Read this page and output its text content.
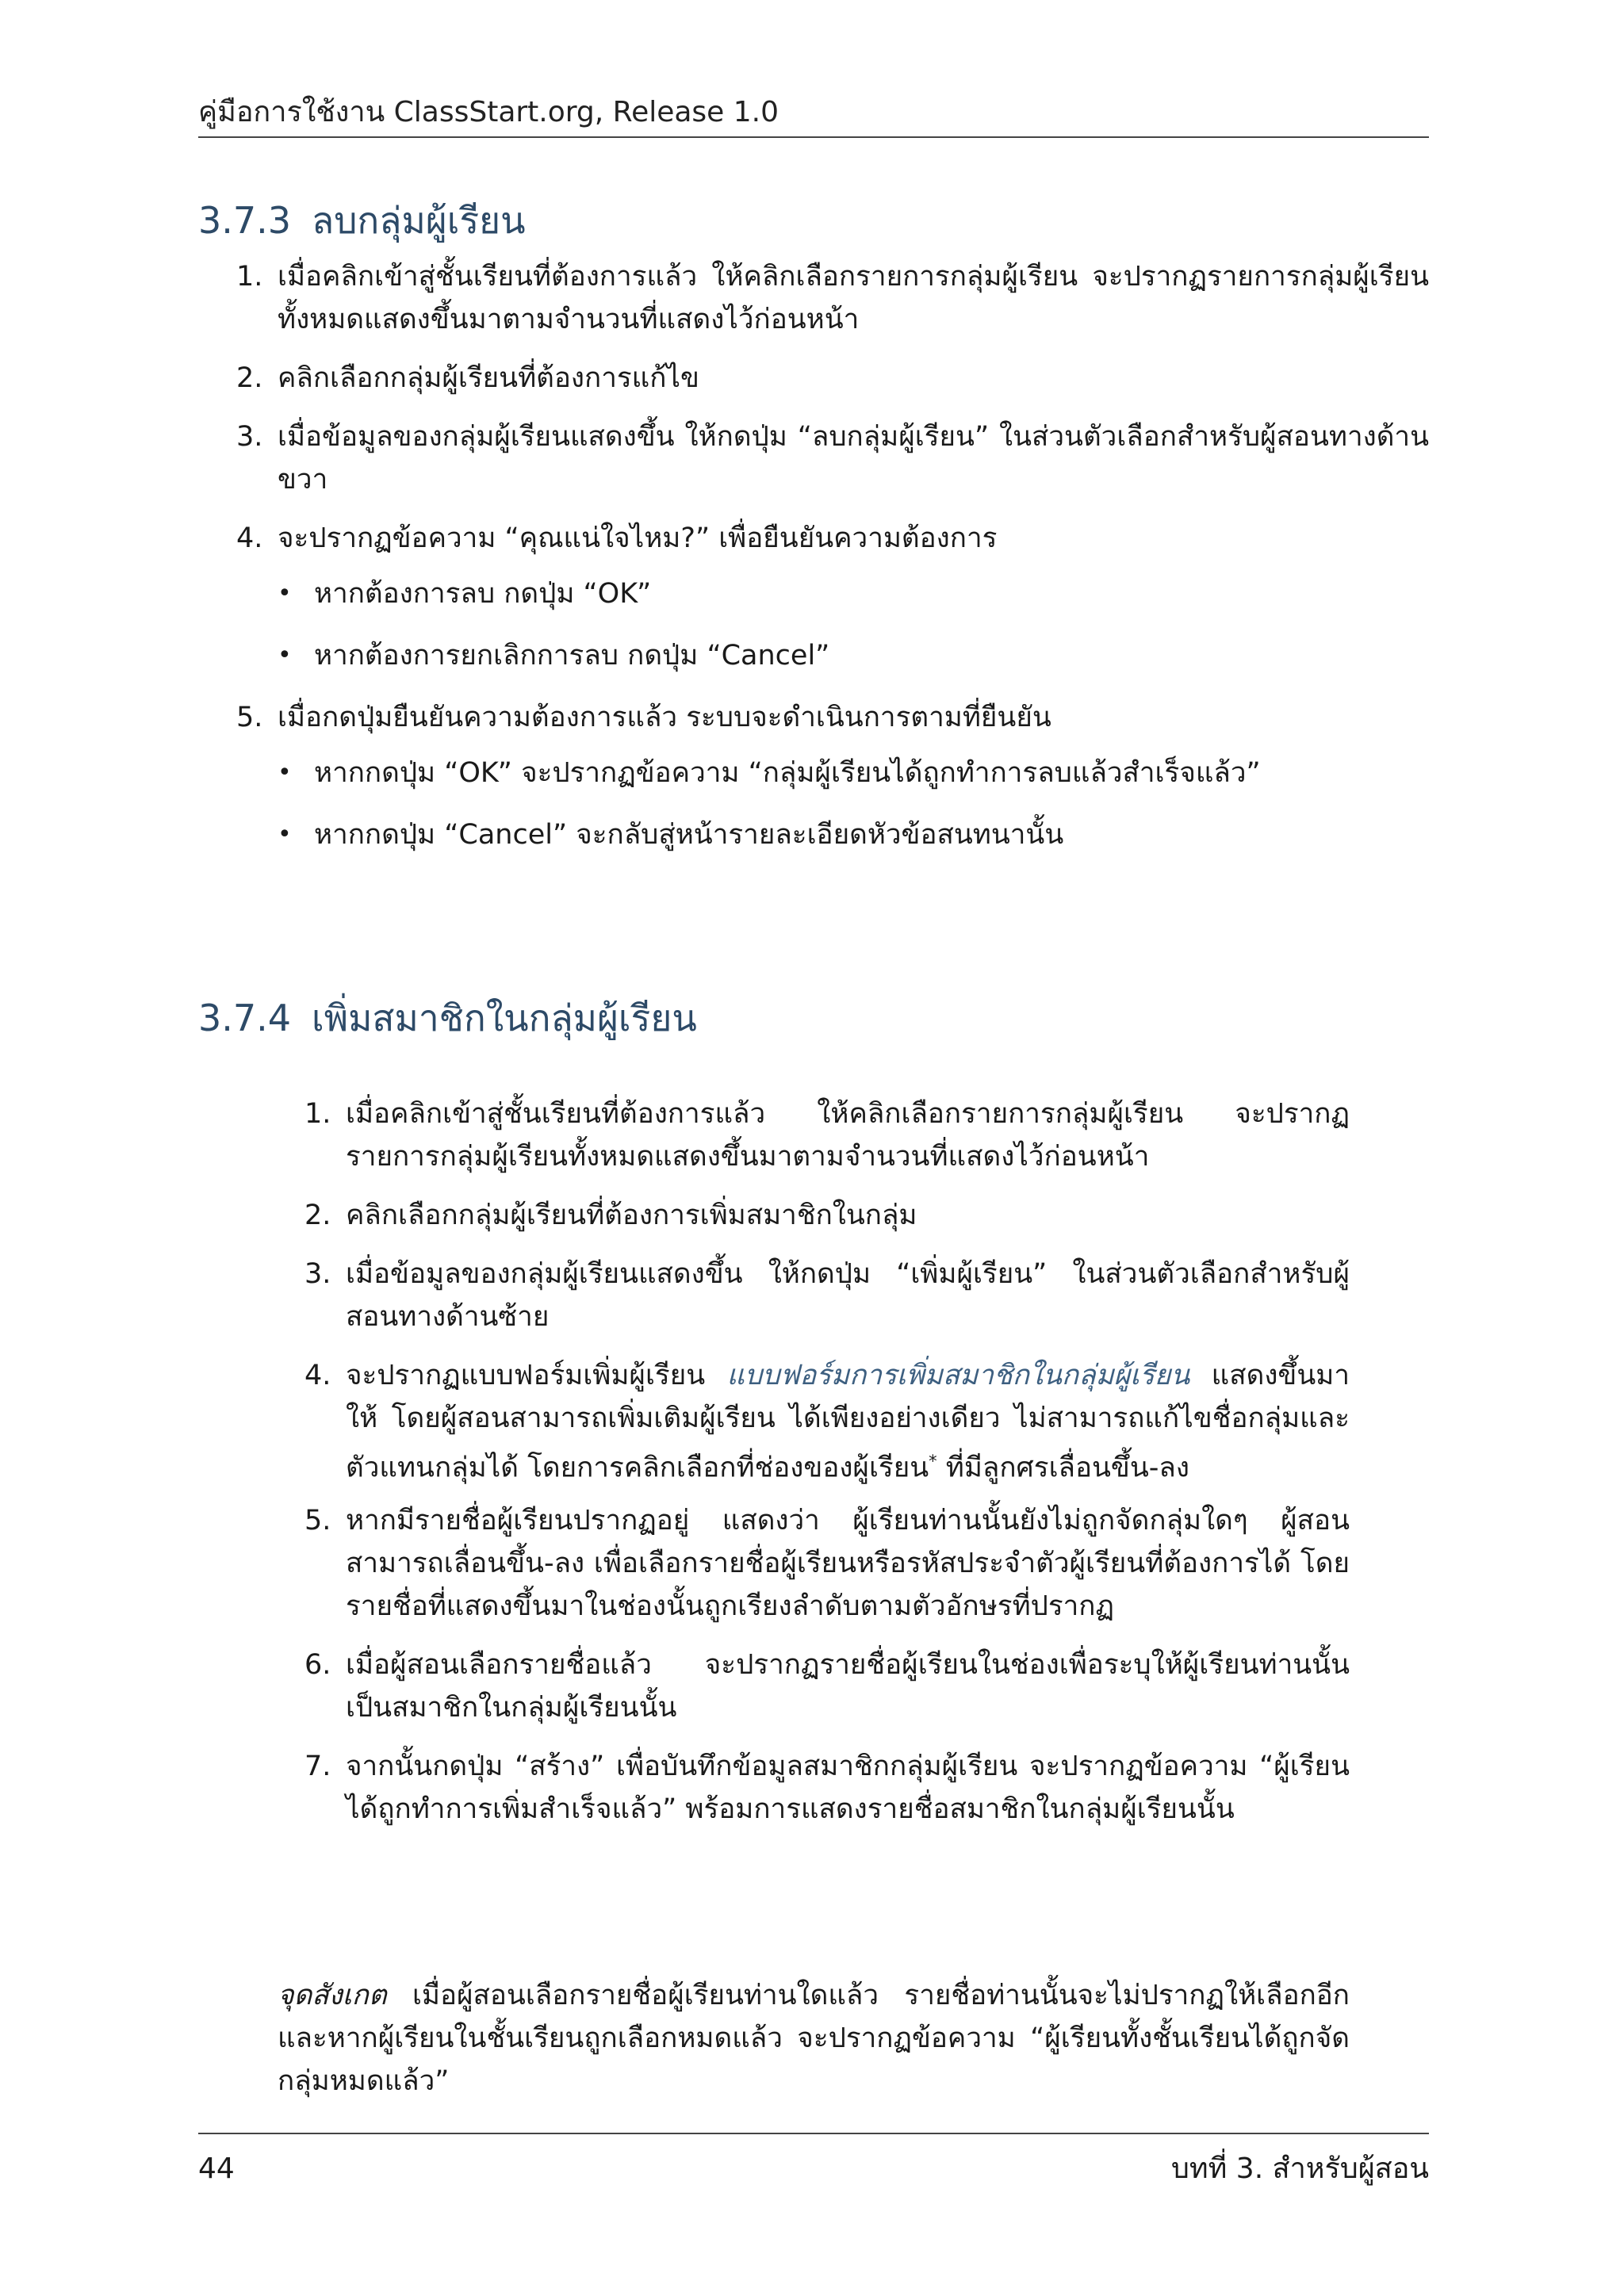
คู่มือการใช้งาน ClassStart.org, Release 1.0
3.7.3 ลบกลุ่มผู้เรียน
1. เมื่อคลิกเข้าสู่ชั้นเรียนที่ต้องการแล้ว ให้คลิกเลือกรายการกลุ่มผู้เรียน จะปรากฏรายการกลุ่มผู้เรียนทั้งหมดแสดงขึ้นมาตามจำนวนที่แสดงไว้ก่อนหน้า
2. คลิกเลือกกลุ่มผู้เรียนที่ต้องการแก้ไข
3. เมื่อข้อมูลของกลุ่มผู้เรียนแสดงขึ้น ให้กดปุ่ม “ลบกลุ่มผู้เรียน” ในส่วนตัวเลือกสำหรับผู้สอนทางด้านขวา
4. จะปรากฏข้อความ “คุณแน่ใจไหม?” เพื่อยืนยันความต้องการ
• หากต้องการลบ กดปุ่ม “OK”
• หากต้องการยกเลิกการลบ กดปุ่ม “Cancel”
5. เมื่อกดปุ่มยืนยันความต้องการแล้ว ระบบจะดำเนินการตามที่ยืนยัน
• หากกดปุ่ม “OK” จะปรากฏข้อความ “กลุ่มผู้เรียนได้ถูกทำการลบแล้วสำเร็จแล้ว”
• หากกดปุ่ม “Cancel” จะกลับสู่หน้ารายละเอียดหัวข้อสนทนานั้น
3.7.4 เพิ่มสมาชิกในกลุ่มผู้เรียน
1. เมื่อคลิกเข้าสู่ชั้นเรียนที่ต้องการแล้ว ให้คลิกเลือกรายการกลุ่มผู้เรียน จะปรากฏรายการกลุ่มผู้เรียนทั้งหมดแสดงขึ้นมาตามจำนวนที่แสดงไว้ก่อนหน้า
2. คลิกเลือกกลุ่มผู้เรียนที่ต้องการเพิ่มสมาชิกในกลุ่ม
3. เมื่อข้อมูลของกลุ่มผู้เรียนแสดงขึ้น ให้กดปุ่ม “เพิ่มผู้เรียน” ในส่วนตัวเลือกสำหรับผู้สอนทางด้านซ้าย
4. จะปรากฏแบบฟอร์มเพิ่มผู้เรียน แบบฟอร์มการเพิ่มสมาชิกในกลุ่มผู้เรียน แสดงขึ้นมาให้ โดยผู้สอนสามารถเพิ่มเติมผู้เรียน ได้เพียงอย่างเดียว ไม่สามารถแก้ไขชื่อกลุ่มและตัวแทนกลุ่มได้ โดยการคลิกเลือกที่ช่องของผู้เรียน* ที่มีลูกศรเลื่อนขึ้น-ลง
5. หากมีรายชื่อผู้เรียนปรากฏอยู่ แสดงว่า ผู้เรียนท่านนั้นยังไม่ถูกจัดกลุ่มใดๆ ผู้สอนสามารถเลื่อนขึ้น-ลง เพื่อเลือกรายชื่อผู้เรียนหรือรหัสประจำตัวผู้เรียนที่ต้องการได้ โดยรายชื่อที่แสดงขึ้นมาในช่องนั้นถูกเรียงลำดับตามตัวอักษรที่ปรากฏ
6. เมื่อผู้สอนเลือกรายชื่อแล้ว จะปรากฏรายชื่อผู้เรียนในช่องเพื่อระบุให้ผู้เรียนท่านนั้นเป็นสมาชิกในกลุ่มผู้เรียนนั้น
7. จากนั้นกดปุ่ม “สร้าง” เพื่อบันทึกข้อมูลสมาชิกกลุ่มผู้เรียน จะปรากฏข้อความ “ผู้เรียนได้ถูกทำการเพิ่มสำเร็จแล้ว” พร้อมการแสดงรายชื่อสมาชิกในกลุ่มผู้เรียนนั้น
จุดสังเกต เมื่อผู้สอนเลือกรายชื่อผู้เรียนท่านใดแล้ว รายชื่อท่านนั้นจะไม่ปรากฏให้เลือกอีก และหากผู้เรียนในชั้นเรียนถูกเลือกหมดแล้ว จะปรากฏข้อความ “ผู้เรียนทั้งชั้นเรียนได้ถูกจัดกลุ่มหมดแล้ว”
44	บทที่ 3. สำหรับผู้สอน
